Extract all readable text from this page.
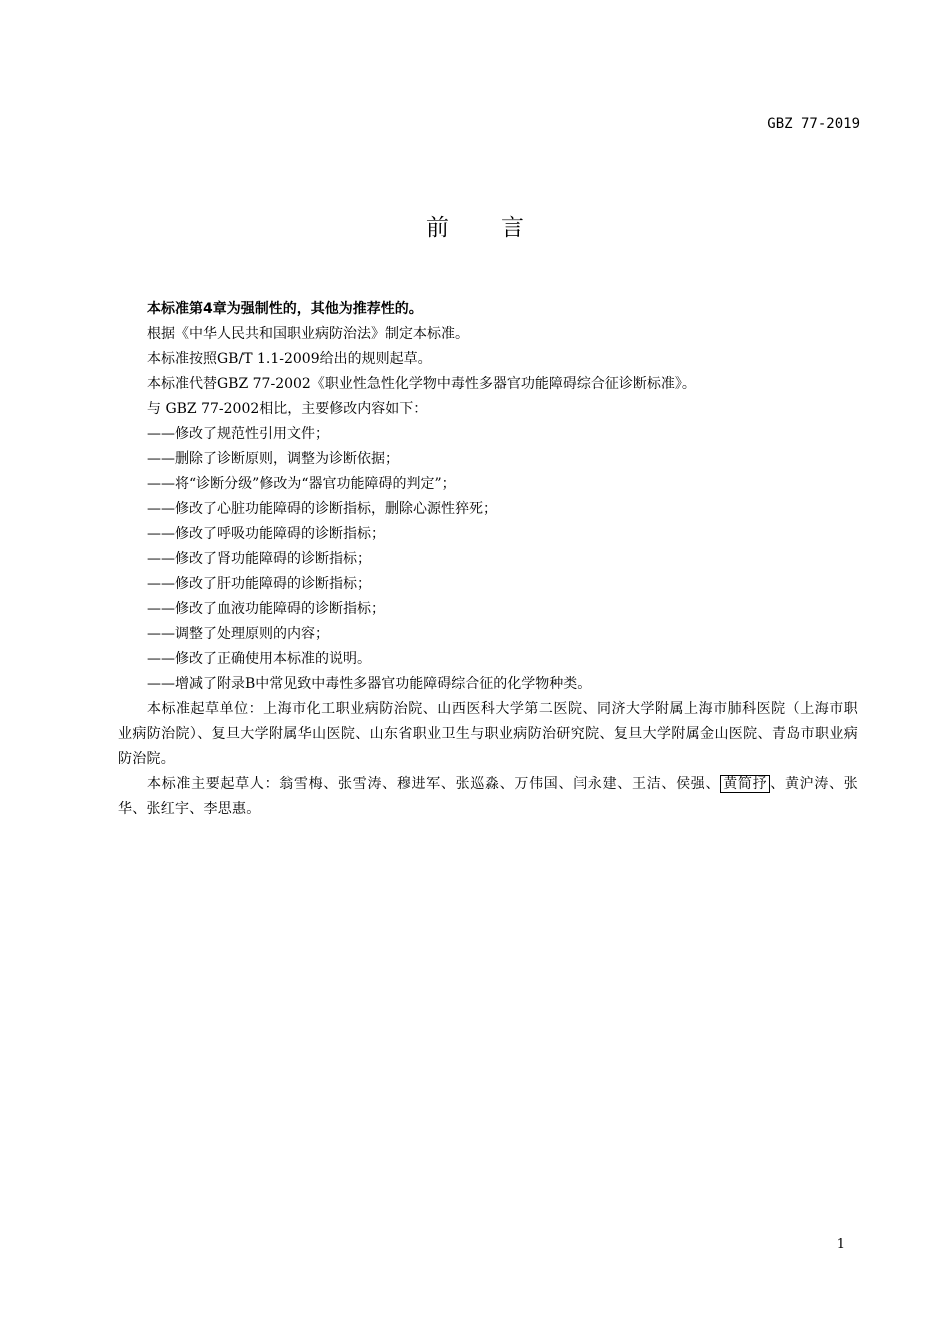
GBZ 77-2019
前言

本标准第4章为强制性的，其他为推荐性的。

根据《中华人民共和国职业病防治法》制定本标准。

本标准按照GB/T 1.1-2009给出的规则起草。

本标准代替GBZ 77-2002《职业性急性化学物中毒性多器官功能障碍综合征诊断标准》。

与 GBZ 77-2002相比，主要修改内容如下：

——修改了规范性引用文件；

——删除了诊断原则，调整为诊断依据；

——将“诊断分级”修改为“器官功能障碍的判定”；

——修改了心脏功能障碍的诊断指标，删除心源性猝死；

——修改了呼吸功能障碍的诊断指标；

——修改了肾功能障碍的诊断指标；

——修改了肝功能障碍的诊断指标；

——修改了血液功能障碍的诊断指标；

——调整了处理原则的内容；

——修改了正确使用本标准的说明。

——增减了附录B中常见致中毒性多器官功能障碍综合征的化学物种类。

本标准起草单位：上海市化工职业病防治院、山西医科大学第二医院、同济大学附属上海市肺科医院（上海市职业病防治院）、复旦大学附属华山医院、山东省职业卫生与职业病防治研究院、复旦大学附属金山医院、青岛市职业病防治院。

本标准主要起草人：翁雪梅、张雪涛、穆进军、张巡淼、万伟国、闫永建、王洁、侯强、 黄简抒 、黄沪涛、张华、张红宇、李思惠。

1
